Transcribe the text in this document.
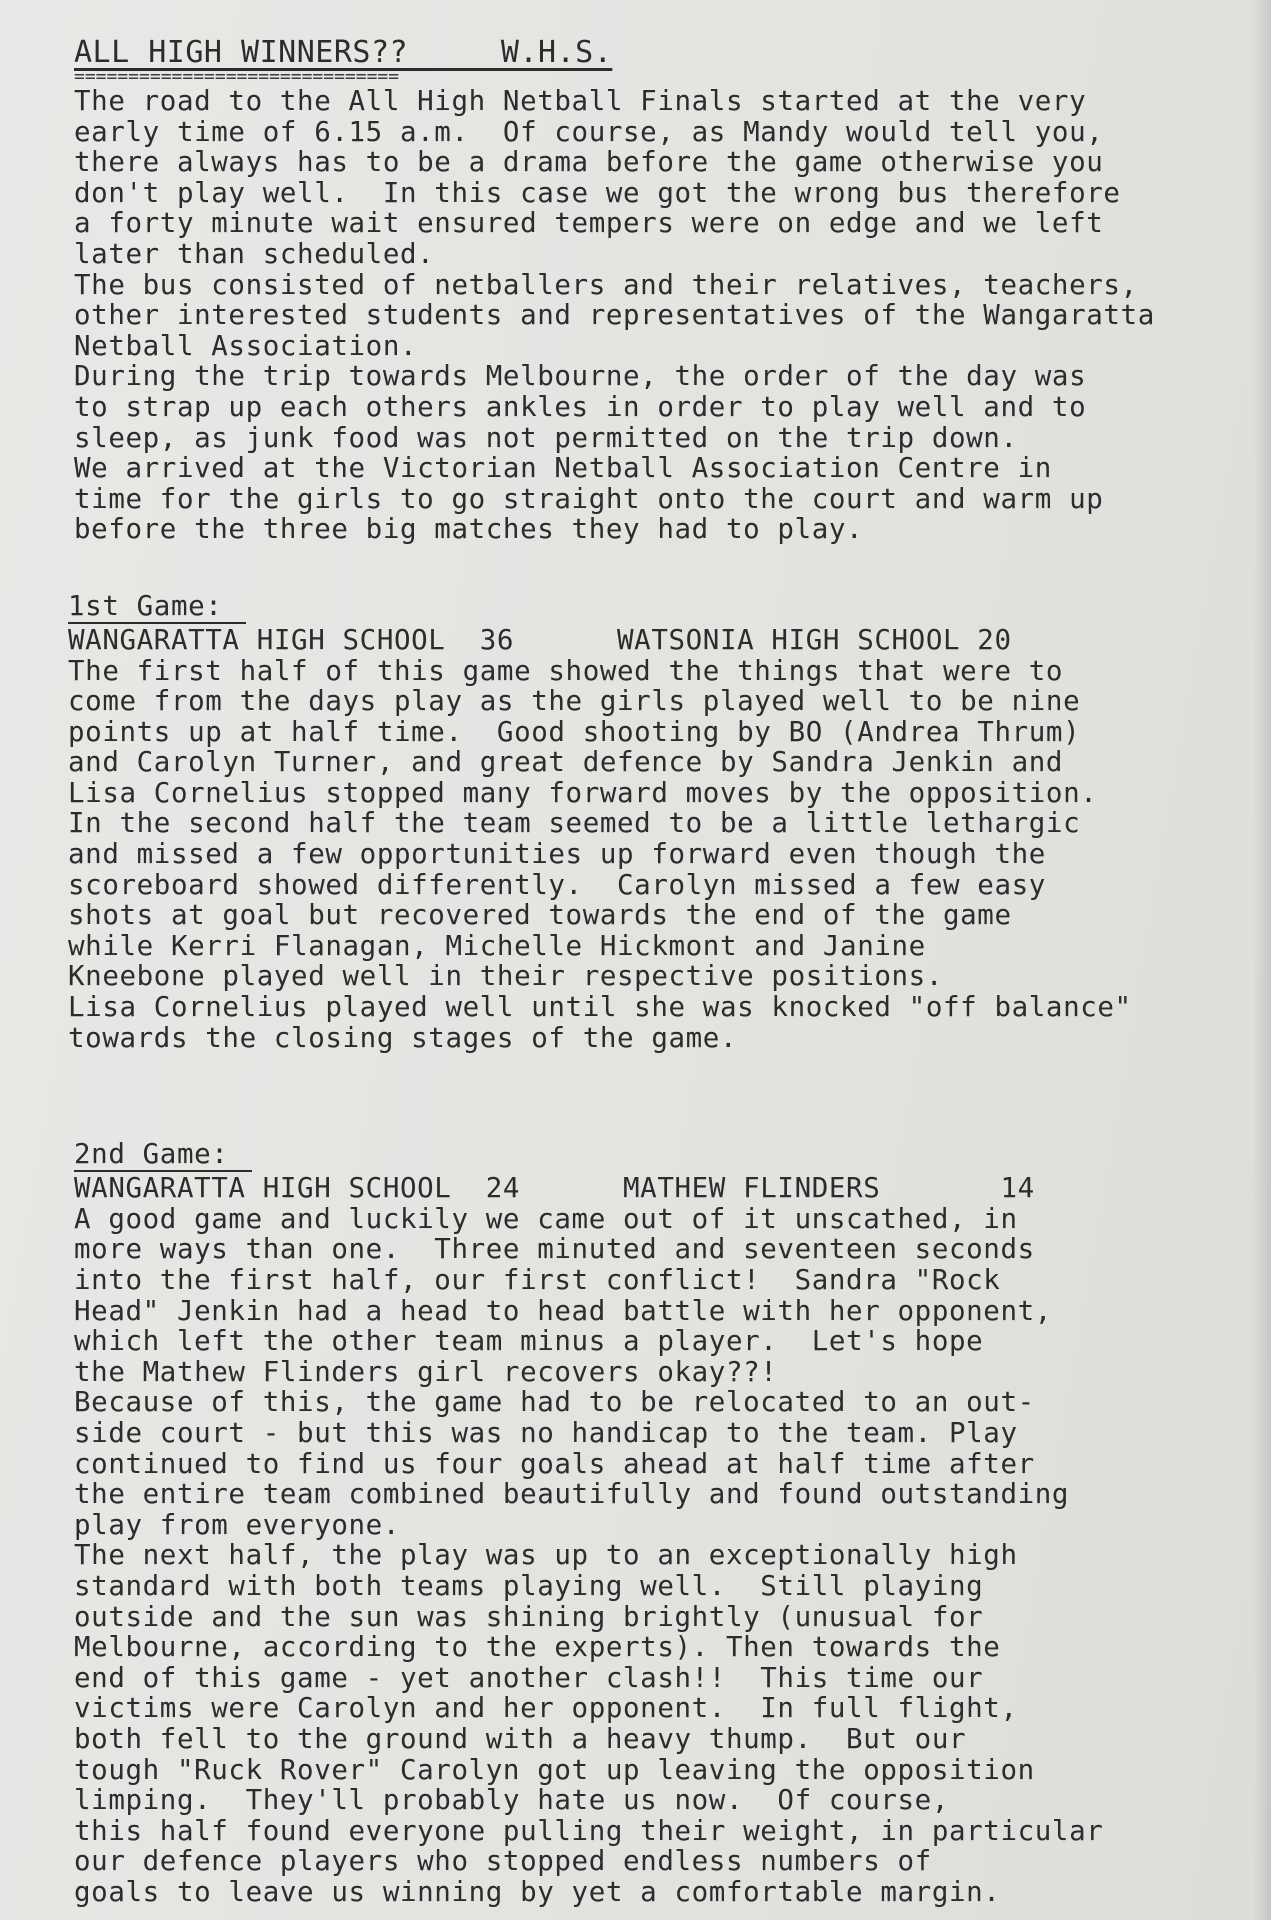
ALL HIGH WINNERS??     W.H.S.
==============================
The road to the All High Netball Finals started at the very
early time of 6.15 a.m.  Of course, as Mandy would tell you,
there always has to be a drama before the game otherwise you
don't play well.  In this case we got the wrong bus therefore
a forty minute wait ensured tempers were on edge and we left
later than scheduled.
The bus consisted of netballers and their relatives, teachers,
other interested students and representatives of the Wangaratta
Netball Association.
During the trip towards Melbourne, the order of the day was
to strap up each others ankles in order to play well and to
sleep, as junk food was not permitted on the trip down.
We arrived at the Victorian Netball Association Centre in
time for the girls to go straight onto the court and warm up
before the three big matches they had to play.
1st Game:
WANGARATTA HIGH SCHOOL  36      WATSONIA HIGH SCHOOL 20
The first half of this game showed the things that were to
come from the days play as the girls played well to be nine
points up at half time.  Good shooting by BO (Andrea Thrum)
and Carolyn Turner, and great defence by Sandra Jenkin and
Lisa Cornelius stopped many forward moves by the opposition.
In the second half the team seemed to be a little lethargic
and missed a few opportunities up forward even though the
scoreboard showed differently.  Carolyn missed a few easy
shots at goal but recovered towards the end of the game
while Kerri Flanagan, Michelle Hickmont and Janine
Kneebone played well in their respective positions.
Lisa Cornelius played well until she was knocked "off balance"
towards the closing stages of the game.
2nd Game:
WANGARATTA HIGH SCHOOL  24      MATHEW FLINDERS       14
A good game and luckily we came out of it unscathed, in
more ways than one.  Three minuted and seventeen seconds
into the first half, our first conflict!  Sandra "Rock
Head" Jenkin had a head to head battle with her opponent,
which left the other team minus a player.  Let's hope
the Mathew Flinders girl recovers okay??!
Because of this, the game had to be relocated to an out-
side court - but this was no handicap to the team. Play
continued to find us four goals ahead at half time after
the entire team combined beautifully and found outstanding
play from everyone.
The next half, the play was up to an exceptionally high
standard with both teams playing well.  Still playing
outside and the sun was shining brightly (unusual for
Melbourne, according to the experts). Then towards the
end of this game - yet another clash!!  This time our
victims were Carolyn and her opponent.  In full flight,
both fell to the ground with a heavy thump.  But our
tough "Ruck Rover" Carolyn got up leaving the opposition
limping.  They'll probably hate us now.  Of course,
this half found everyone pulling their weight, in particular
our defence players who stopped endless numbers of
goals to leave us winning by yet a comfortable margin.
